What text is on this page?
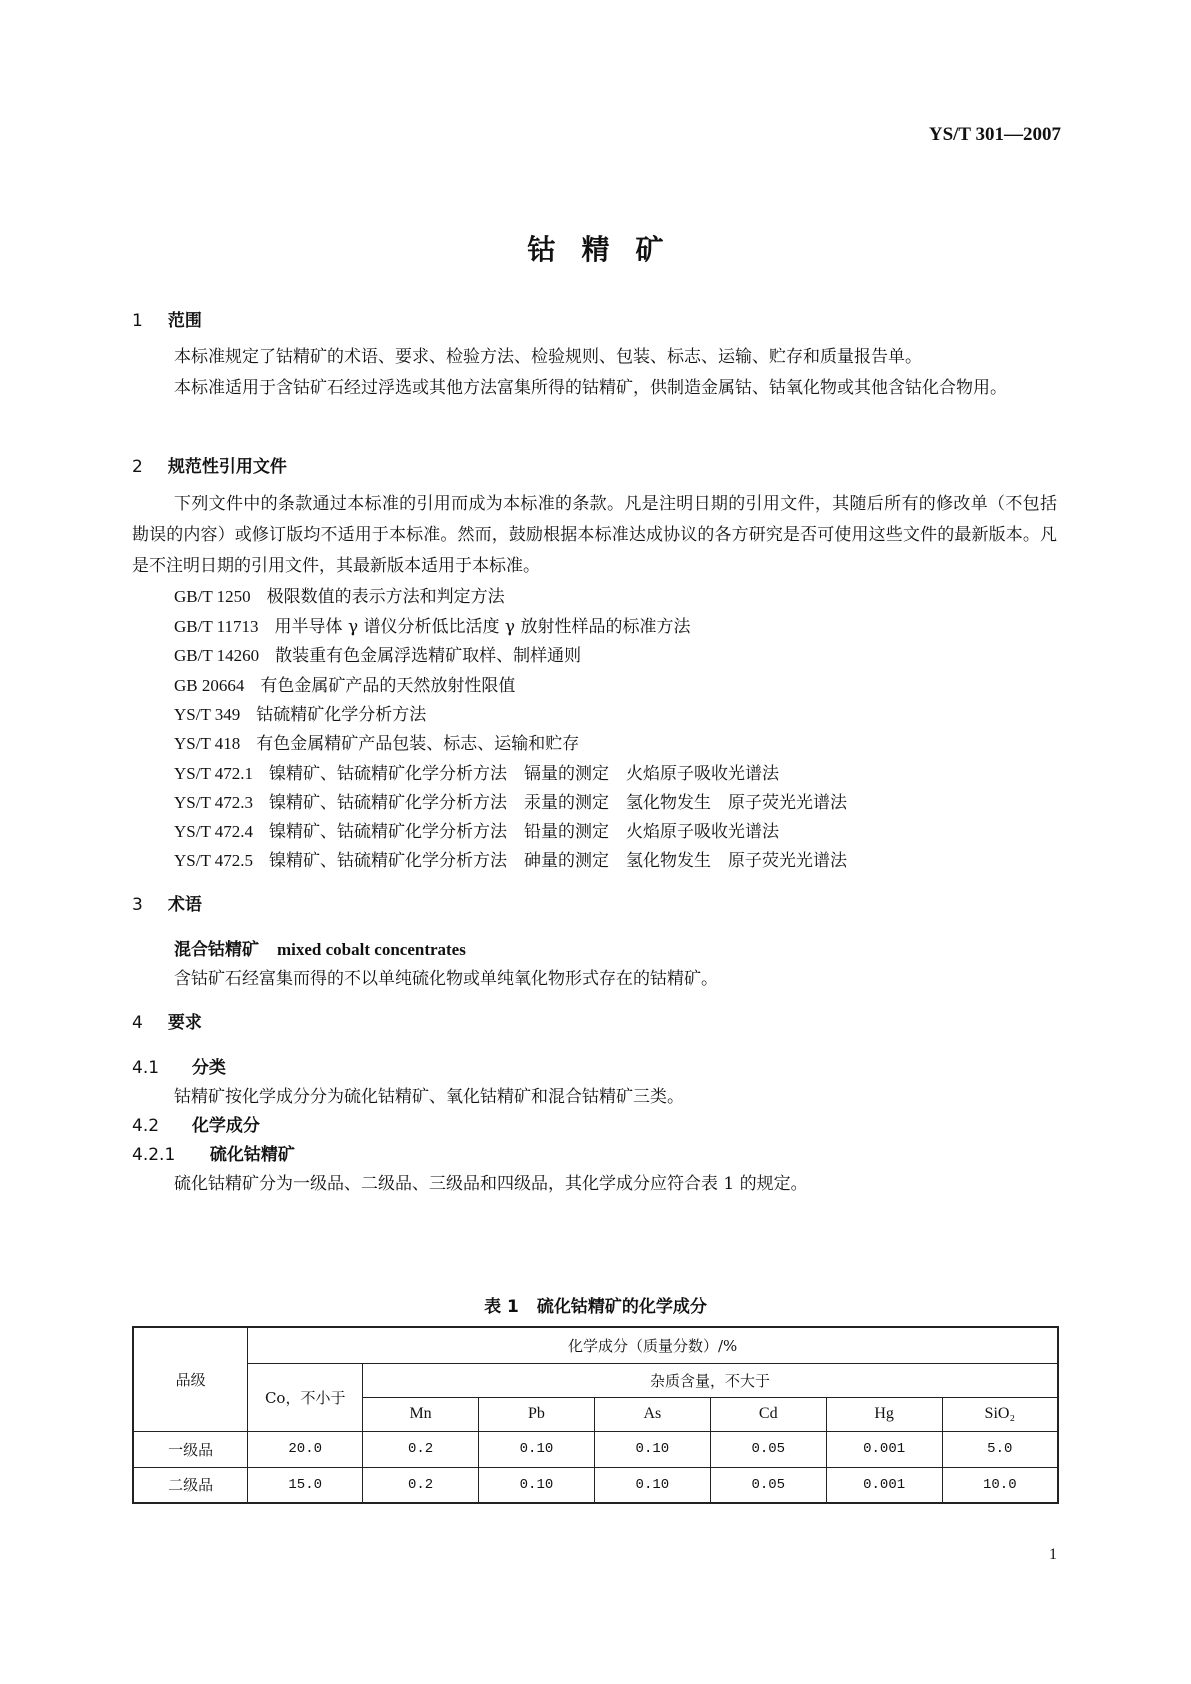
YS/T 301—2007
钴精矿
1 范围
本标准规定了钴精矿的术语、要求、检验方法、检验规则、包装、标志、运输、贮存和质量报告单。
本标准适用于含钴矿石经过浮选或其他方法富集所得的钴精矿，供制造金属钴、钴氧化物或其他含钴化合物用。
2 规范性引用文件
下列文件中的条款通过本标准的引用而成为本标准的条款。凡是注明日期的引用文件，其随后所有的修改单（不包括勘误的内容）或修订版均不适用于本标准。然而，鼓励根据本标准达成协议的各方研究是否可使用这些文件的最新版本。凡是不注明日期的引用文件，其最新版本适用于本标准。
GB/T 1250 极限数值的表示方法和判定方法
GB/T 11713 用半导体 γ 谱仪分析低比活度 γ 放射性样品的标准方法
GB/T 14260 散装重有色金属浮选精矿取样、制样通则
GB 20664 有色金属矿产品的天然放射性限值
YS/T 349 钴硫精矿化学分析方法
YS/T 418 有色金属精矿产品包装、标志、运输和贮存
YS/T 472.1 镍精矿、钴硫精矿化学分析方法　镉量的测定　火焰原子吸收光谱法
YS/T 472.3 镍精矿、钴硫精矿化学分析方法　汞量的测定　氢化物发生　原子荧光光谱法
YS/T 472.4 镍精矿、钴硫精矿化学分析方法　铅量的测定　火焰原子吸收光谱法
YS/T 472.5 镍精矿、钴硫精矿化学分析方法　砷量的测定　氢化物发生　原子荧光光谱法
3 术语
混合钴精矿 mixed cobalt concentrates
含钴矿石经富集而得的不以单纯硫化物或单纯氧化物形式存在的钴精矿。
4 要求
4.1 分类
钴精矿按化学成分分为硫化钴精矿、氧化钴精矿和混合钴精矿三类。
4.2 化学成分
4.2.1 硫化钴精矿
硫化钴精矿分为一级品、二级品、三级品和四级品，其化学成分应符合表 1 的规定。
表 1 硫化钴精矿的化学成分
品级	化学成分（质量分数）/%						
	Co，不小于	杂质含量，不大于					
		Mn	Pb	As	Cd	Hg	SiO₂
一级品	20.0	0.2	0.10	0.10	0.05	0.001	5.0
二级品	15.0	0.2	0.10	0.10	0.05	0.001	10.0
1
